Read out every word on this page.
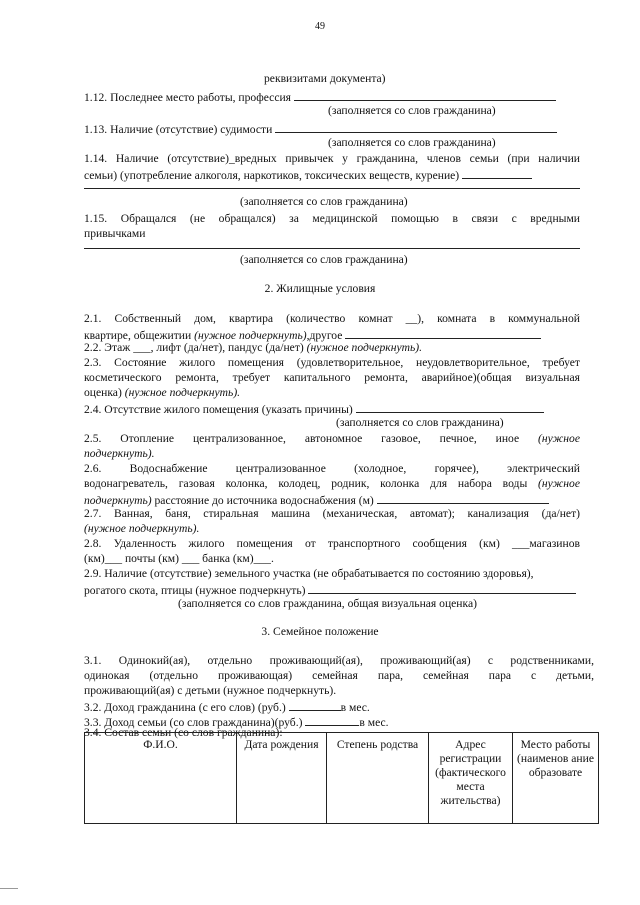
49
реквизитами документа)
1.12. Последнее место работы, профессия
(заполняется со слов гражданина)
1.13. Наличие (отсутствие) судимости
(заполняется со слов гражданина)
1.14. Наличие (отсутствие)_вредных привычек у гражданина, членов семьи (при наличии
семьи) (употребление алкоголя, наркотиков, токсических веществ, курение)
(заполняется со слов гражданина)
1.15. Обращался (не обращался) за медицинской помощью в связи с вредными
привычками
(заполняется со слов гражданина)
2. Жилищные условия
2.1. Собственный дом, квартира (количество комнат __), комната в коммунальной
квартире, общежитии (нужное подчеркнуть),другое
2.2. Этаж ___, лифт (да/нет), пандус (да/нет) (нужное подчеркнуть).
2.3. Состояние жилого помещения (удовлетворительное, неудовлетворительное, требует
косметического ремонта, требует капитального ремонта, аварийное)(общая визуальная
оценка) (нужное подчеркнуть).
2.4. Отсутствие жилого помещения (указать причины)
(заполняется со слов гражданина)
2.5. Отопление централизованное, автономное газовое, печное, иное (нужное
подчеркнуть).
2.6. Водоснабжение централизованное (холодное, горячее), электрический
водонагреватель, газовая колонка, колодец, родник, колонка для набора воды (нужное
подчеркнуть) расстояние до источника водоснабжения (м)
2.7. Ванная, баня, стиральная машина (механическая, автомат); канализация (да/нет)
(нужное подчеркнуть).
2.8. Удаленность жилого помещения от транспортного сообщения (км) ___магазинов
(км)___ почты (км) ___ банка (км)___.
2.9. Наличие (отсутствие) земельного участка (не обрабатывается по состоянию здоровья),
рогатого скота, птицы (нужное подчеркнуть)
(заполняется со слов гражданина, общая визуальная оценка)
3. Семейное положение
3.1. Одинокий(ая), отдельно проживающий(ая), проживающий(ая) с родственниками,
одинокая (отдельно проживающая) семейная пара, семейная пара с детьми,
проживающий(ая) с детьми (нужное подчеркнуть).
3.2. Доход гражданина (с его слов) (руб.)	в мес.
3.3. Доход семьи (со слов гражданина)(руб.)	в мес.
3.4. Состав семьи (со слов гражданина):
Ф.И.О.	Дата рождения	Степень родства	Адрес регистрации (фактического места жительства)	Место работы (наименов ание образовате
